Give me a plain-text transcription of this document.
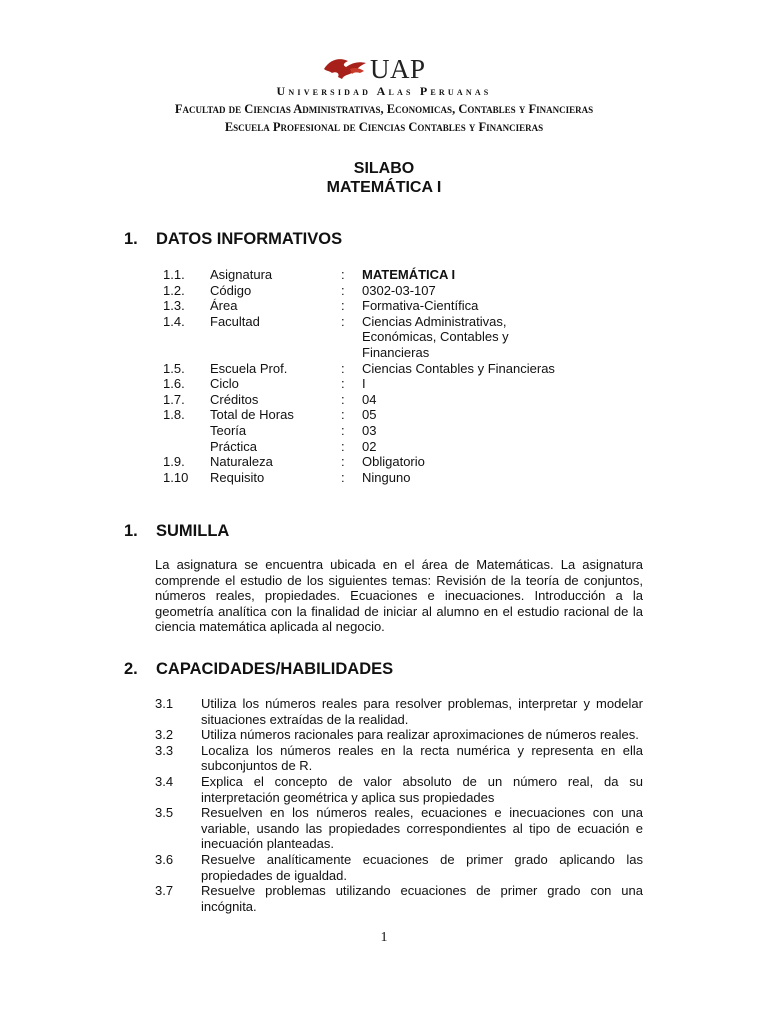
UAP
Universidad Alas Peruanas
Facultad de Ciencias Administrativas, Economicas, Contables y Financieras
Escuela Profesional de Ciencias Contables y Financieras
SILABO
MATEMÁTICA I
1. DATOS INFORMATIVOS
1.1.	Asignatura	:	MATEMÁTICA I
1.2.	Código	:	0302-03-107
1.3.	Área	:	Formativa-Científica
1.4.	Facultad	:	Ciencias Administrativas, Económicas, Contables y Financieras
1.5.	Escuela Prof.	:	Ciencias Contables y Financieras
1.6.	Ciclo	:	I
1.7.	Créditos	:	04
1.8.	Total de Horas	:	05
Teoría	:	03
Práctica	:	02
1.9.	Naturaleza	:	Obligatorio
1.10	Requisito	:	Ninguno
1. SUMILLA
La asignatura se encuentra ubicada en el área de Matemáticas. La asignatura comprende el estudio de los siguientes temas: Revisión de la teoría de conjuntos, números reales, propiedades. Ecuaciones e inecuaciones. Introducción a la geometría analítica con la finalidad de iniciar al alumno en el estudio racional de la ciencia matemática aplicada al negocio.
2. CAPACIDADES/HABILIDADES
3.1	Utiliza los números reales para resolver problemas, interpretar y modelar situaciones extraídas de la realidad.
3.2	Utiliza números racionales para realizar aproximaciones de números reales.
3.3	Localiza los números reales en la recta numérica y representa en ella subconjuntos de R.
3.4	Explica el concepto de valor absoluto de un número real, da su interpretación geométrica y aplica sus propiedades
3.5	Resuelven en los números reales, ecuaciones e inecuaciones con una variable, usando las propiedades correspondientes al tipo de ecuación e inecuación planteadas.
3.6	Resuelve analíticamente ecuaciones de primer grado aplicando las propiedades de igualdad.
3.7	Resuelve problemas utilizando ecuaciones de primer grado con una incógnita.
1
